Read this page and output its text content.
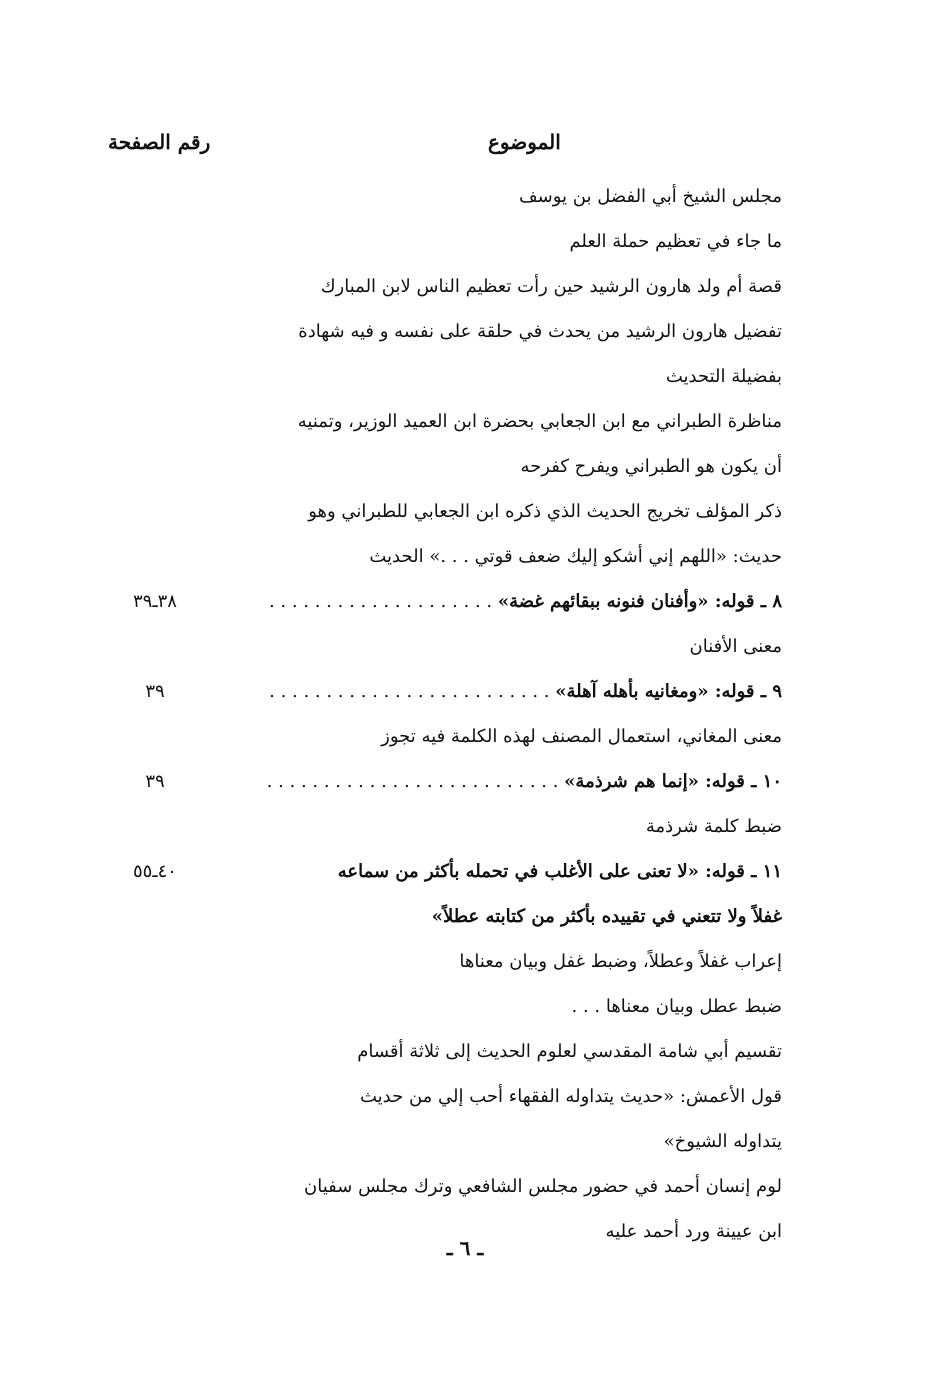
رقم الصفحة	الموضوع
مجلس الشيخ أبي الفضل بن يوسف
ما جاء في تعظيم حملة العلم
قصة أم ولد هارون الرشيد حين رأت تعظيم الناس لابن المبارك
تفضيل هارون الرشيد من يحدث في حلقة على نفسه و فيه شهادة
بفضيلة التحديث
مناظرة الطبراني مع ابن الجعابي بحضرة ابن العميد الوزير، وتمنيه
أن يكون هو الطبراني ويفرح كفرحه
ذكر المؤلف تخريج الحديث الذي ذكره ابن الجعابي للطبراني وهو
حديث: «اللهم إني أشكو إليك ضعف قوتي . . .» الحديث
٨ ـ قوله: «وأفنان فنونه ببقائهم غضة» . . .
٣٨ـ٣٩
معنى الأفنان
٩ ـ قوله: «ومغانيه بأهله آهلة» . . .
٣٩
معنى المغاني، استعمال المصنف لهذه الكلمة فيه تجوز
١٠ ـ قوله: «إنما هم شرذمة» . . .
٣٩
ضبط كلمة شرذمة
١١ ـ قوله: «لا تعنى على الأغلب في تحمله بأكثر من سماعه
٤٠ـ٥٥
غفلاً ولا تتعني في تقييده بأكثر من كتابته عطلاً»
إعراب غفلاً وعطلاً، وضبط غفل وبيان معناها
ضبط عطل وبيان معناها . . .
تقسيم أبي شامة المقدسي لعلوم الحديث إلى ثلاثة أقسام
قول الأعمش: «حديث يتداوله الفقهاء أحب إلي من حديث
يتداوله الشيوخ»
لوم إنسان أحمد في حضور مجلس الشافعي وترك مجلس سفيان
ابن عيينة ورد أحمد عليه
ـ ٦ ـ
